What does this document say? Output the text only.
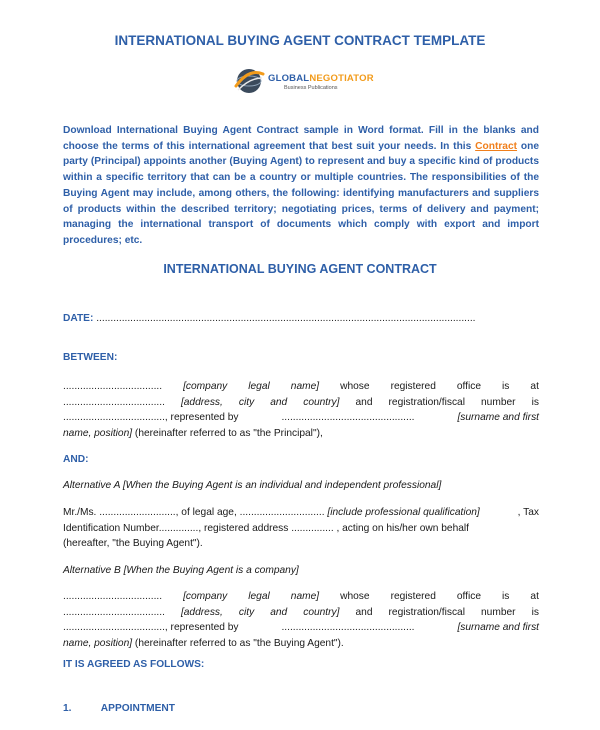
INTERNATIONAL BUYING AGENT CONTRACT TEMPLATE
GLOBALNEGOTIATOR
Business Publications
Download International Buying Agent Contract sample in Word format. Fill in the blanks and choose the terms of this international agreement that best suit your needs. In this Contract one party (Principal) appoints another (Buying Agent) to represent and buy a specific kind of products within a specific territory that can be a country or multiple countries. The responsibilities of the Buying Agent may include, among others, the following: identifying manufacturers and suppliers of products within the described territory; negotiating prices, terms of delivery and payment; managing the international transport of documents which comply with export and import procedures; etc.
INTERNATIONAL BUYING AGENT CONTRACT
DATE: ......................................................................................................................................
BETWEEN:
................................... [company legal name] whose registered office is at
.................................... [address, city and country] and registration/fiscal number is
...................................., represented by	...............................................	[surname and first
name, position] (hereinafter referred to as "the Principal"),
AND:
Alternative A [When the Buying Agent is an individual and independent professional]
Mr./Ms. ..........................., of legal age, .............................. [include professional qualification]	, Tax
Identification Number.............., registered address ............... , acting on his/her own behalf
(hereafter, "the Buying Agent").
Alternative B [When the Buying Agent is a company]
................................... [company legal name] whose registered office is at
.................................... [address, city and country] and registration/fiscal number is
...................................., represented by	...............................................	[surname and first
name, position] (hereinafter referred to as "the Buying Agent").
IT IS AGREED AS FOLLOWS:
1.	APPOINTMENT
